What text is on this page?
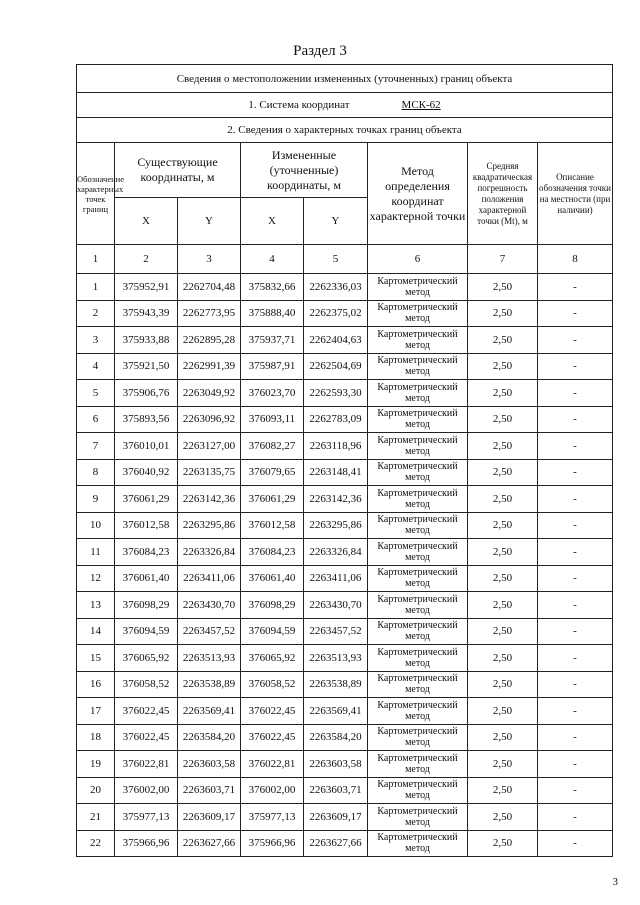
Раздел 3
Сведения о местоположении измененных (уточненных) границ объекта							
1. Система координат МСК-62							
2. Сведения о характерных точках границ объекта							
Обозначение характерных точек границ	Существующие координаты, м		Измененные (уточненные) координаты, м		Метод определения координат характерной точки	Средняя квадратическая погрешность положения характерной точки (Mt), м	Описание обозначения точки на местности (при наличии)
	X	Y	X	Y			
1	2	3	4	5	6	7	8
1	375952,91	2262704,48	375832,66	2262336,03	Картометрический метод	2,50	-
2	375943,39	2262773,95	375888,40	2262375,02	Картометрический метод	2,50	-
3	375933,88	2262895,28	375937,71	2262404,63	Картометрический метод	2,50	-
4	375921,50	2262991,39	375987,91	2262504,69	Картометрический метод	2,50	-
5	375906,76	2263049,92	376023,70	2262593,30	Картометрический метод	2,50	-
6	375893,56	2263096,92	376093,11	2262783,09	Картометрический метод	2,50	-
7	376010,01	2263127,00	376082,27	2263118,96	Картометрический метод	2,50	-
8	376040,92	2263135,75	376079,65	2263148,41	Картометрический метод	2,50	-
9	376061,29	2263142,36	376061,29	2263142,36	Картометрический метод	2,50	-
10	376012,58	2263295,86	376012,58	2263295,86	Картометрический метод	2,50	-
11	376084,23	2263326,84	376084,23	2263326,84	Картометрический метод	2,50	-
12	376061,40	2263411,06	376061,40	2263411,06	Картометрический метод	2,50	-
13	376098,29	2263430,70	376098,29	2263430,70	Картометрический метод	2,50	-
14	376094,59	2263457,52	376094,59	2263457,52	Картометрический метод	2,50	-
15	376065,92	2263513,93	376065,92	2263513,93	Картометрический метод	2,50	-
16	376058,52	2263538,89	376058,52	2263538,89	Картометрический метод	2,50	-
17	376022,45	2263569,41	376022,45	2263569,41	Картометрический метод	2,50	-
18	376022,45	2263584,20	376022,45	2263584,20	Картометрический метод	2,50	-
19	376022,81	2263603,58	376022,81	2263603,58	Картометрический метод	2,50	-
20	376002,00	2263603,71	376002,00	2263603,71	Картометрический метод	2,50	-
21	375977,13	2263609,17	375977,13	2263609,17	Картометрический метод	2,50	-
22	375966,96	2263627,66	375966,96	2263627,66	Картометрический метод	2,50	-
3
